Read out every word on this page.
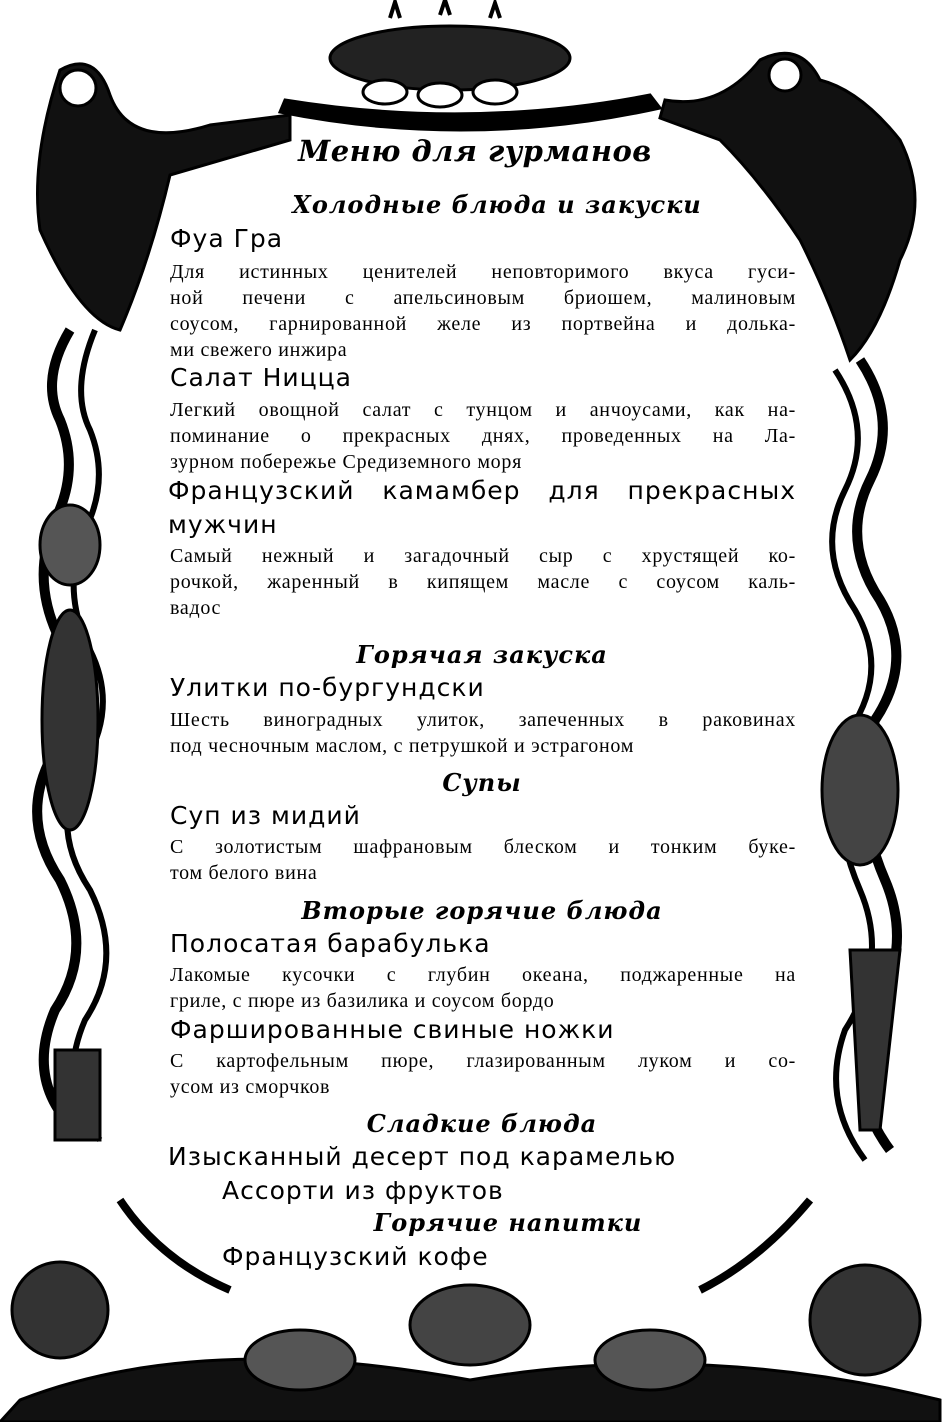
Меню для гурманов
Холодные блюда и закуски
Фуа Гра
Для истинных ценителей неповторимого вкуса гуси-
ной печени с апельсиновым бриошем, малиновым
соусом, гарнированной желе из портвейна и долька-
ми свежего инжира
Салат Ницца
Легкий овощной салат с тунцом и анчоусами, как на-
поминание о прекрасных днях, проведенных на Ла-
зурном побережье Средиземного моря
Французский камамбер для прекрасных мужчин
Самый нежный и загадочный сыр с хрустящей ко-
рочкой, жаренный в кипящем масле с соусом каль-
вадос
Горячая закуска
Улитки по-бургундски
Шесть виноградных улиток, запеченных в раковинах
под чесночным маслом, с петрушкой и эстрагоном
Супы
Суп из мидий
С золотистым шафрановым блеском и тонким буке-
том белого вина
Вторые горячие блюда
Полосатая барабулька
Лакомые кусочки с глубин океана, поджаренные на
гриле, с пюре из базилика и соусом бордо
Фаршированные свиные ножки
С картофельным пюре, глазированным луком и со-
усом из сморчков
Сладкие блюда
Изысканный десерт под карамелью
Ассорти из фруктов
Горячие напитки
Французский кофе
